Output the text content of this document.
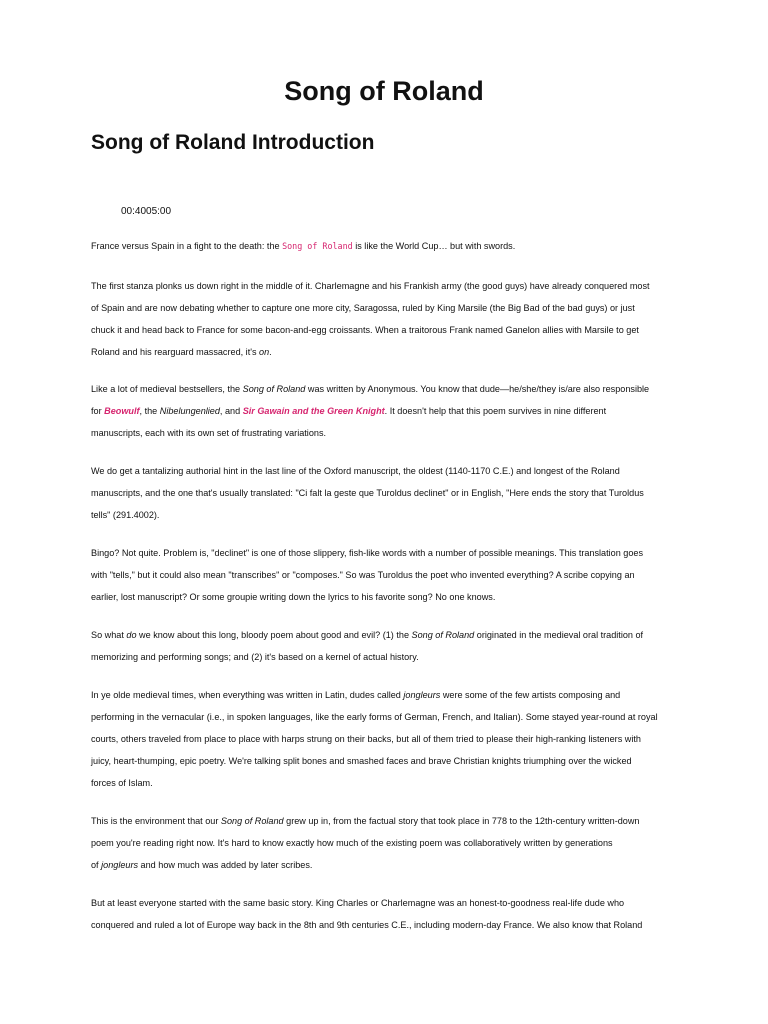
Song of Roland
Song of Roland Introduction

00:4005:00

France versus Spain in a fight to the death: the Song of Roland is like the World Cup… but with swords.

The first stanza plonks us down right in the middle of it. Charlemagne and his Frankish army (the good guys) have already conquered most
of Spain and are now debating whether to capture one more city, Saragossa, ruled by King Marsile (the Big Bad of the bad guys) or just
chuck it and head back to France for some bacon-and-egg croissants. When a traitorous Frank named Ganelon allies with Marsile to get
Roland and his rearguard massacred, it's on.

Like a lot of medieval bestsellers, the Song of Roland was written by Anonymous. You know that dude—he/she/they is/are also responsible
for Beowulf, the Nibelungenlied, and Sir Gawain and the Green Knight. It doesn't help that this poem survives in nine different
manuscripts, each with its own set of frustrating variations.

We do get a tantalizing authorial hint in the last line of the Oxford manuscript, the oldest (1140-1170 C.E.) and longest of the Roland
manuscripts, and the one that's usually translated: "Ci falt la geste que Turoldus declinet" or in English, "Here ends the story that Turoldus
tells" (291.4002).

Bingo? Not quite. Problem is, "declinet" is one of those slippery, fish-like words with a number of possible meanings. This translation goes
with "tells," but it could also mean "transcribes" or "composes." So was Turoldus the poet who invented everything? A scribe copying an
earlier, lost manuscript? Or some groupie writing down the lyrics to his favorite song? No one knows.

So what do we know about this long, bloody poem about good and evil? (1) the Song of Roland originated in the medieval oral tradition of
memorizing and performing songs; and (2) it's based on a kernel of actual history.

In ye olde medieval times, when everything was written in Latin, dudes called jongleurs were some of the few artists composing and
performing in the vernacular (i.e., in spoken languages, like the early forms of German, French, and Italian). Some stayed year-round at royal
courts, others traveled from place to place with harps strung on their backs, but all of them tried to please their high-ranking listeners with
juicy, heart-thumping, epic poetry. We're talking split bones and smashed faces and brave Christian knights triumphing over the wicked
forces of Islam.

This is the environment that our Song of Roland grew up in, from the factual story that took place in 778 to the 12th-century written-down
poem you're reading right now. It's hard to know exactly how much of the existing poem was collaboratively written by generations
of jongleurs and how much was added by later scribes.

But at least everyone started with the same basic story. King Charles or Charlemagne was an honest-to-goodness real-life dude who
conquered and ruled a lot of Europe way back in the 8th and 9th centuries C.E., including modern-day France. We also know that Roland
